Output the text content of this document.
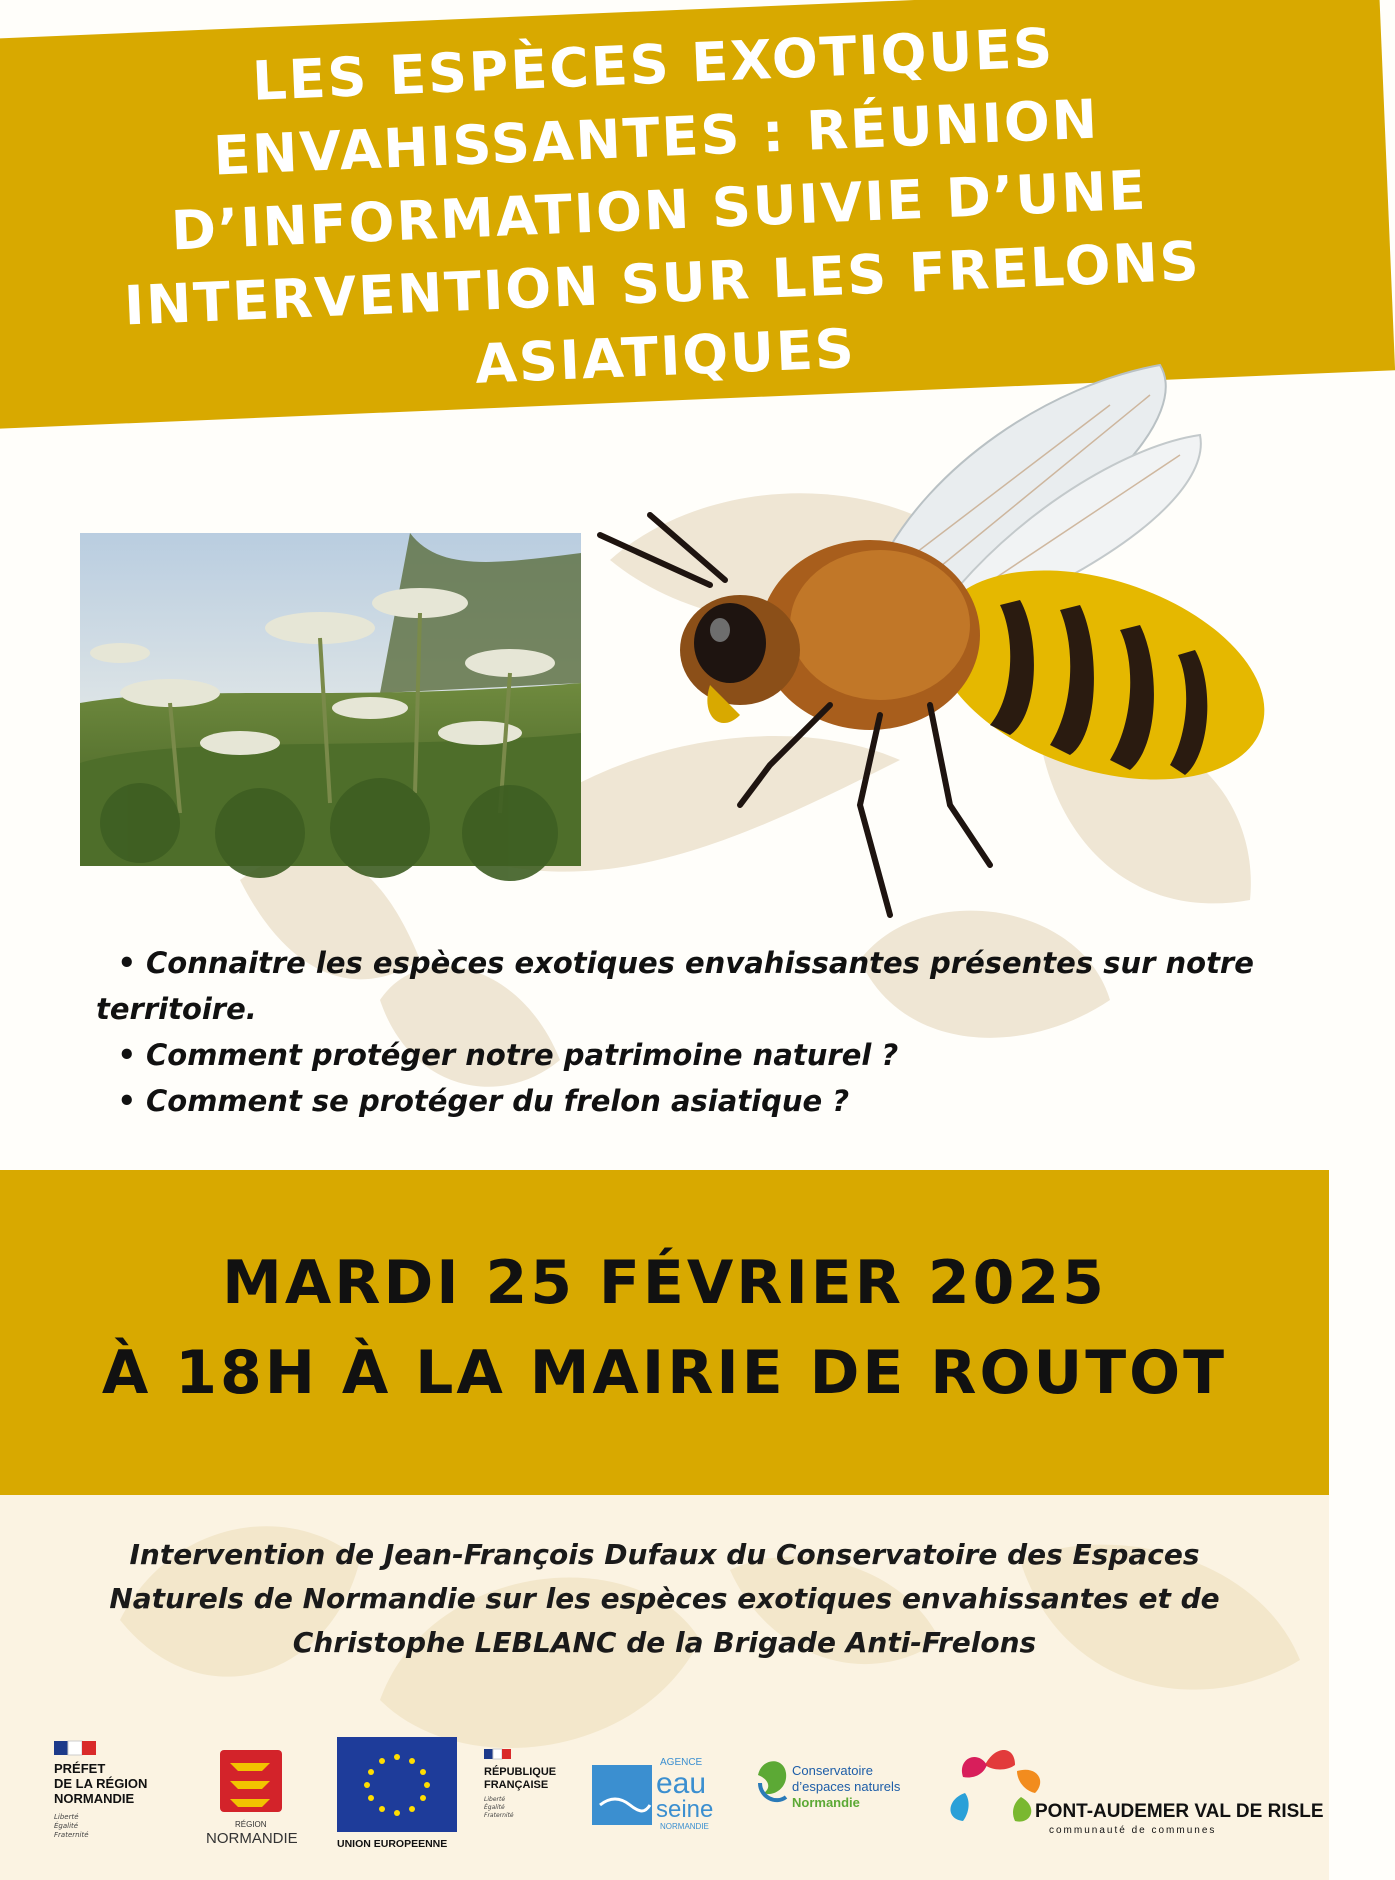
LES ESPÈCES EXOTIQUES ENVAHISSANTES : RÉUNION D’INFORMATION SUIVIE D’UNE INTERVENTION SUR LES FRELONS ASIATIQUES
• Connaitre les espèces exotiques envahissantes présentes sur notre
territoire.
• Comment protéger notre patrimoine naturel ?
• Comment se protéger du frelon asiatique ?
MARDI 25 FÉVRIER 2025
À 18H À LA MAIRIE DE ROUTOT
Intervention de Jean-François Dufaux du Conservatoire des Espaces
Naturels de Normandie sur les espèces exotiques envahissantes et de
Christophe LEBLANC de la Brigade Anti-Frelons
PRÉFET
DE LA RÉGION
NORMANDIE
Liberté
Égalité
Fraternité
RÉGION
NORMANDIE	UNION EUROPEENNE
RÉPUBLIQUE
FRANÇAISE
Liberté
Égalité
Fraternité
AGENCE
eau
seine
NORMANDIE
Conservatoire
d’espaces naturels
Normandie	PONT-AUDEMER VAL DE RISLE
communauté de communes
